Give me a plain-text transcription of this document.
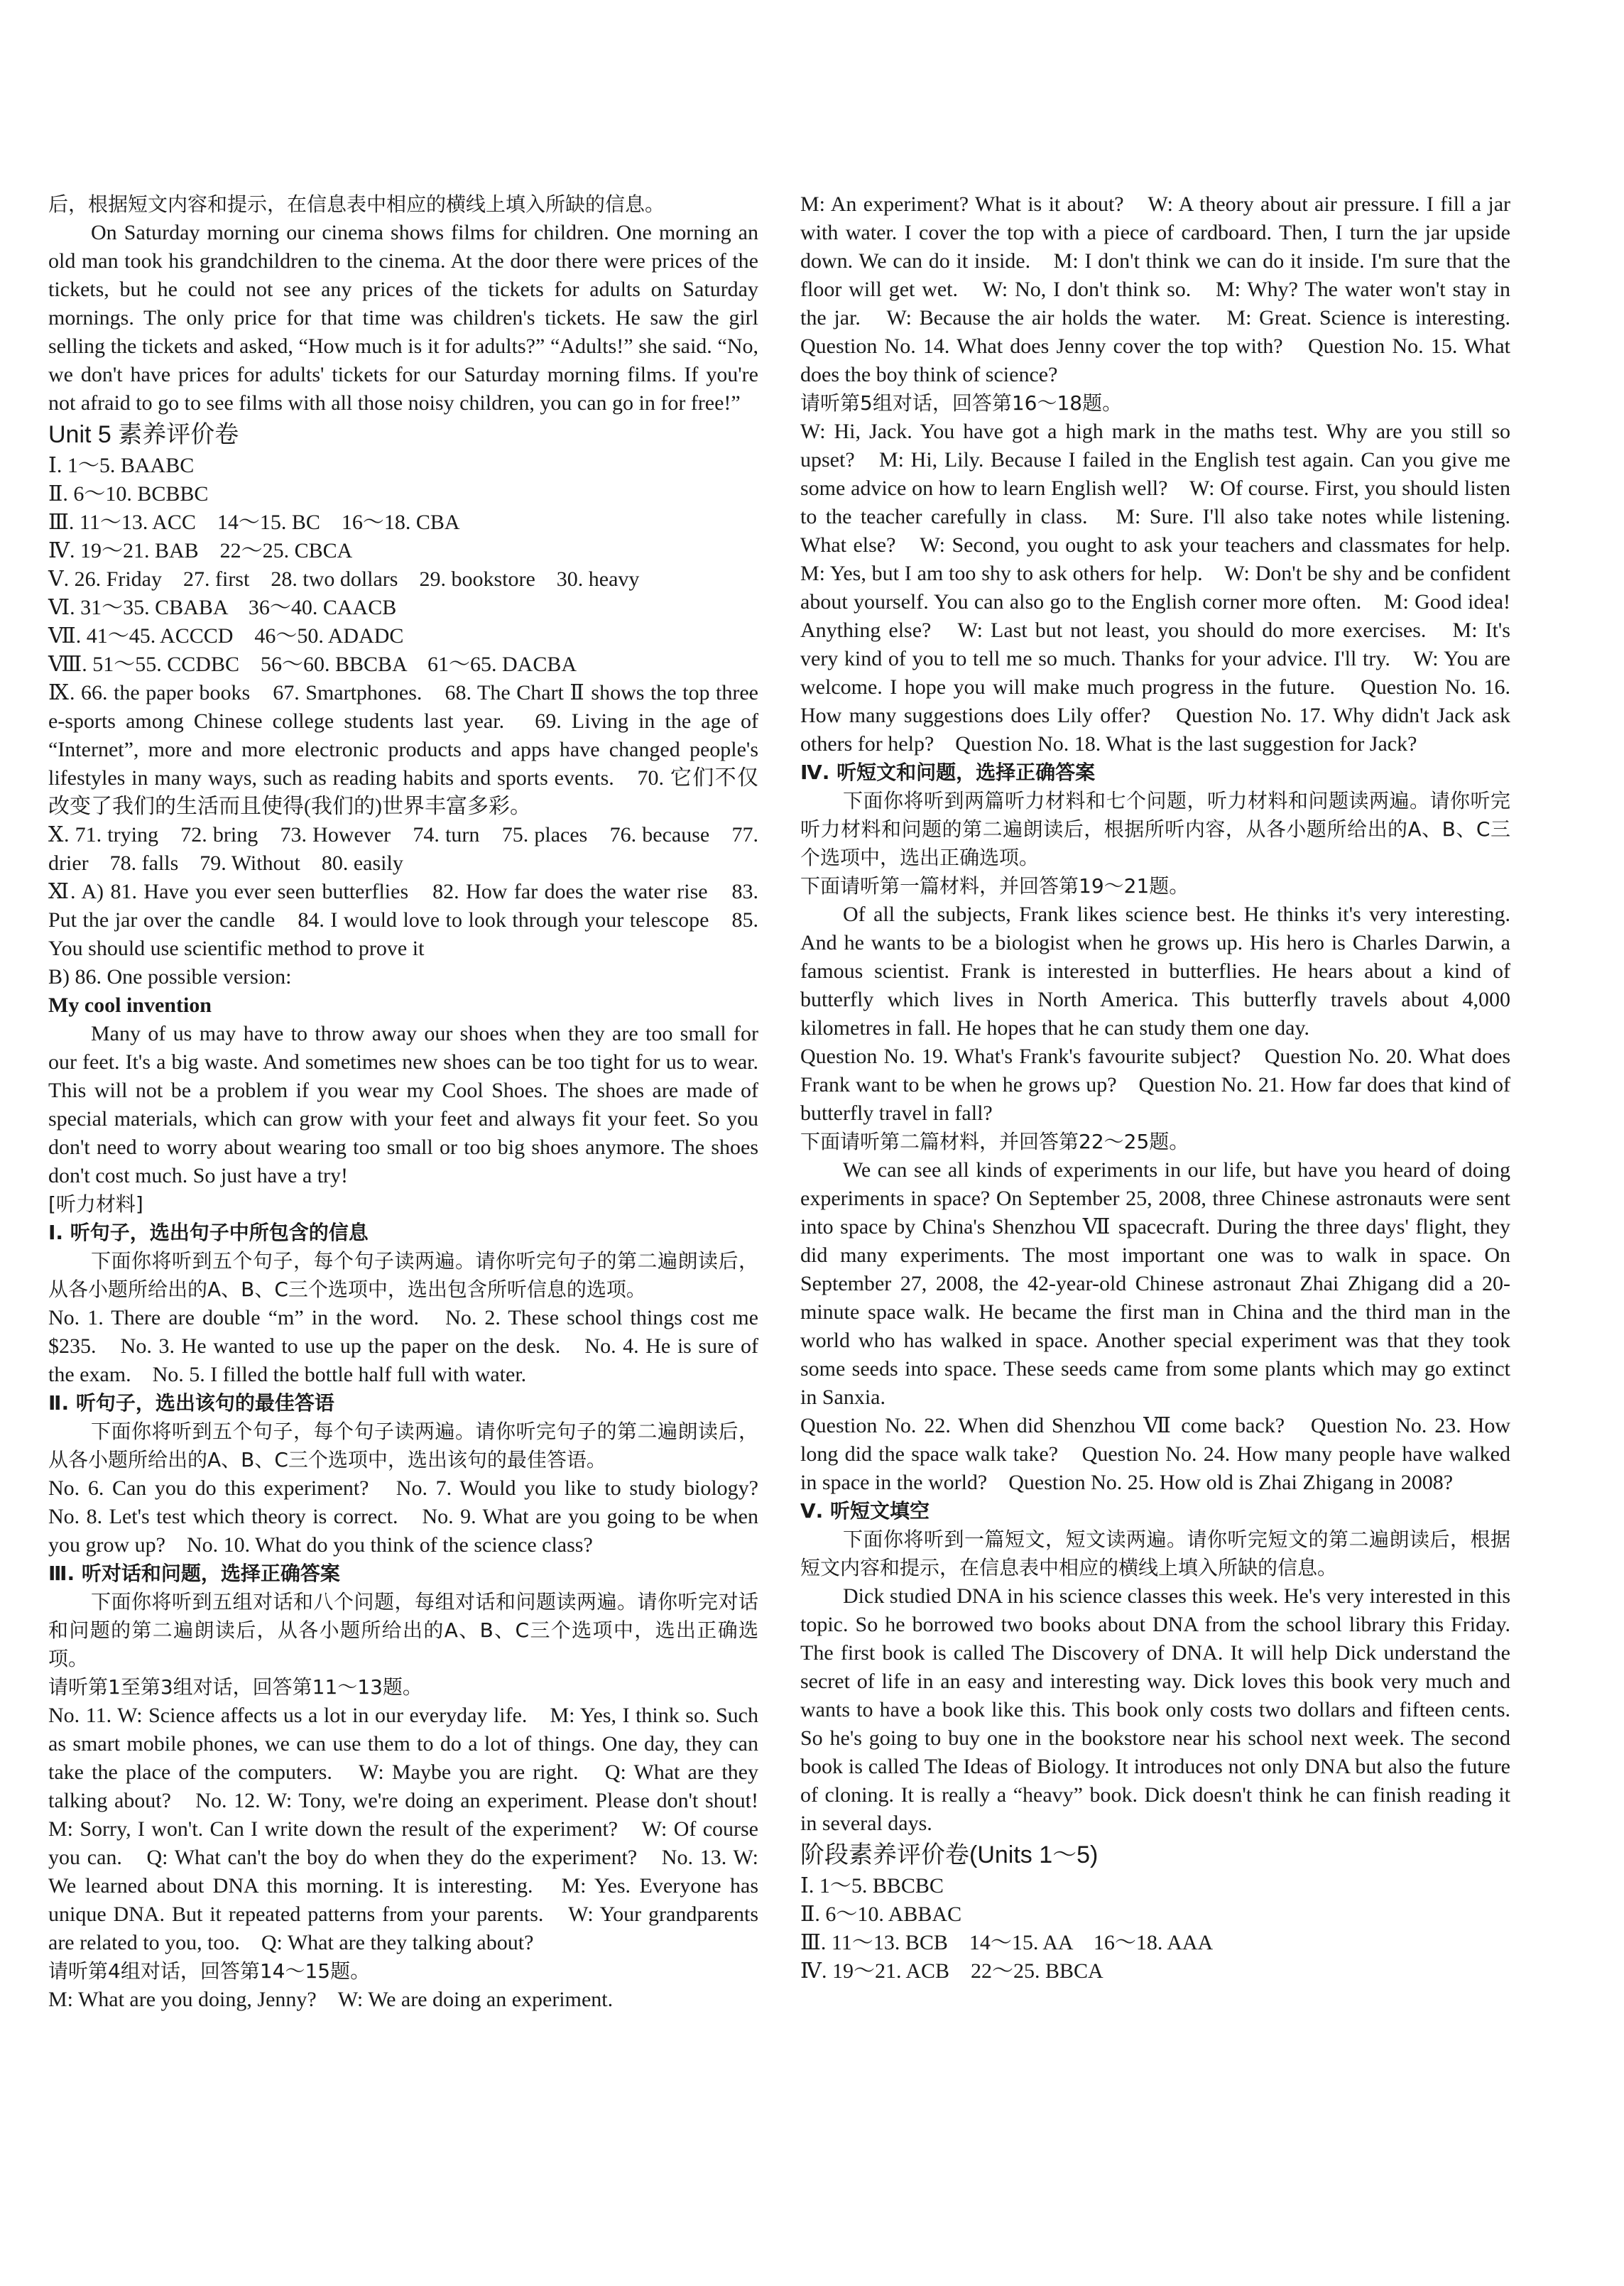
后，根据短文内容和提示，在信息表中相应的横线上填入所缺的信息。

On Saturday morning our cinema shows films for children. One morning an old man took his grandchildren to the cinema. At the door there were prices of the tickets, but he could not see any prices of the tickets for adults on Saturday mornings. The only price for that time was children's tickets. He saw the girl selling the tickets and asked, “How much is it for adults?” “Adults!” she said. “No, we don't have prices for adults' tickets for our Saturday morning films. If you're not afraid to go to see films with all those noisy children, you can go in for free!”

Unit 5 素养评价卷

Ⅰ. 1～5. BAABC

Ⅱ. 6～10. BCBBC

Ⅲ. 11～13. ACC　14～15. BC　16～18. CBA

Ⅳ. 19～21. BAB　22～25. CBCA

Ⅴ. 26. Friday　27. first　28. two dollars　29. bookstore　30. heavy

Ⅵ. 31～35. CBABA　36～40. CAACB

Ⅶ. 41～45. ACCCD　46～50. ADADC

Ⅷ. 51～55. CCDBC　56～60. BBCBA　61～65. DACBA

Ⅸ. 66. the paper books　67. Smartphones.　68. The Chart Ⅱ shows the top three e-sports among Chinese college students last year.　69. Living in the age of “Internet”, more and more electronic products and apps have changed people's lifestyles in many ways, such as reading habits and sports events.　70. 它们不仅改变了我们的生活而且使得(我们的)世界丰富多彩。

Ⅹ. 71. trying　72. bring　73. However　74. turn　75. places　76. because　77. drier　78. falls　79. Without　80. easily

Ⅺ. A) 81. Have you ever seen butterflies　82. How far does the water rise　83. Put the jar over the candle　84. I would love to look through your telescope　85. You should use scientific method to prove it

B) 86. One possible version:

My cool invention

Many of us may have to throw away our shoes when they are too small for our feet. It's a big waste. And sometimes new shoes can be too tight for us to wear. This will not be a problem if you wear my Cool Shoes. The shoes are made of special materials, which can grow with your feet and always fit your feet. So you don't need to worry about wearing too small or too big shoes anymore. The shoes don't cost much. So just have a try!

[听力材料]

Ⅰ. 听句子，选出句子中所包含的信息

下面你将听到五个句子，每个句子读两遍。请你听完句子的第二遍朗读后，从各小题所给出的A、B、C三个选项中，选出包含所听信息的选项。

No. 1. There are double “m” in the word.　No. 2. These school things cost me $235.　No. 3. He wanted to use up the paper on the desk.　No. 4. He is sure of the exam.　No. 5. I filled the bottle half full with water.

Ⅱ. 听句子，选出该句的最佳答语

下面你将听到五个句子，每个句子读两遍。请你听完句子的第二遍朗读后，从各小题所给出的A、B、C三个选项中，选出该句的最佳答语。

No. 6. Can you do this experiment?　No. 7. Would you like to study biology?　No. 8. Let's test which theory is correct.　No. 9. What are you going to be when you grow up?　No. 10. What do you think of the science class?

Ⅲ. 听对话和问题，选择正确答案

下面你将听到五组对话和八个问题，每组对话和问题读两遍。请你听完对话和问题的第二遍朗读后，从各小题所给出的A、B、C三个选项中，选出正确选项。

请听第1至第3组对话，回答第11～13题。

No. 11. W: Science affects us a lot in our everyday life.　M: Yes, I think so. Such as smart mobile phones, we can use them to do a lot of things. One day, they can take the place of the computers.　W: Maybe you are right.　Q: What are they talking about?　No. 12. W: Tony, we're doing an experiment. Please don't shout!　M: Sorry, I won't. Can I write down the result of the experiment?　W: Of course you can.　Q: What can't the boy do when they do the experiment?　No. 13. W: We learned about DNA this morning. It is interesting.　M: Yes. Everyone has unique DNA. But it repeated patterns from your parents.　W: Your grandparents are related to you, too.　Q: What are they talking about?

请听第4组对话，回答第14～15题。

M: What are you doing, Jenny?　W: We are doing an experiment.

M: An experiment? What is it about?　W: A theory about air pressure. I fill a jar with water. I cover the top with a piece of cardboard. Then, I turn the jar upside down. We can do it inside.　M: I don't think we can do it inside. I'm sure that the floor will get wet.　W: No, I don't think so.　M: Why? The water won't stay in the jar.　W: Because the air holds the water.　M: Great. Science is interesting.　Question No. 14. What does Jenny cover the top with?　Question No. 15. What does the boy think of science?

请听第5组对话，回答第16～18题。

W: Hi, Jack. You have got a high mark in the maths test. Why are you still so upset?　M: Hi, Lily. Because I failed in the English test again. Can you give me some advice on how to learn English well?　W: Of course. First, you should listen to the teacher carefully in class.　M: Sure. I'll also take notes while listening. What else?　W: Second, you ought to ask your teachers and classmates for help.　M: Yes, but I am too shy to ask others for help.　W: Don't be shy and be confident about yourself. You can also go to the English corner more often.　M: Good idea! Anything else?　W: Last but not least, you should do more exercises.　M: It's very kind of you to tell me so much. Thanks for your advice. I'll try.　W: You are welcome. I hope you will make much progress in the future.　Question No. 16. How many suggestions does Lily offer?　Question No. 17. Why didn't Jack ask others for help?　Question No. 18. What is the last suggestion for Jack?

Ⅳ. 听短文和问题，选择正确答案

下面你将听到两篇听力材料和七个问题，听力材料和问题读两遍。请你听完听力材料和问题的第二遍朗读后，根据所听内容，从各小题所给出的A、B、C三个选项中，选出正确选项。

下面请听第一篇材料，并回答第19～21题。

Of all the subjects, Frank likes science best. He thinks it's very interesting. And he wants to be a biologist when he grows up. His hero is Charles Darwin, a famous scientist. Frank is interested in butterflies. He hears about a kind of butterfly which lives in North America. This butterfly travels about 4,000 kilometres in fall. He hopes that he can study them one day.

Question No. 19. What's Frank's favourite subject?　Question No. 20. What does Frank want to be when he grows up?　Question No. 21. How far does that kind of butterfly travel in fall?

下面请听第二篇材料，并回答第22～25题。

We can see all kinds of experiments in our life, but have you heard of doing experiments in space? On September 25, 2008, three Chinese astronauts were sent into space by China's Shenzhou Ⅶ spacecraft. During the three days' flight, they did many experiments. The most important one was to walk in space. On September 27, 2008, the 42-year-old Chinese astronaut Zhai Zhigang did a 20-minute space walk. He became the first man in China and the third man in the world who has walked in space. Another special experiment was that they took some seeds into space. These seeds came from some plants which may go extinct in Sanxia.

Question No. 22. When did Shenzhou Ⅶ come back?　Question No. 23. How long did the space walk take?　Question No. 24. How many people have walked in space in the world?　Question No. 25. How old is Zhai Zhigang in 2008?

Ⅴ. 听短文填空

下面你将听到一篇短文，短文读两遍。请你听完短文的第二遍朗读后，根据短文内容和提示，在信息表中相应的横线上填入所缺的信息。

Dick studied DNA in his science classes this week. He's very interested in this topic. So he borrowed two books about DNA from the school library this Friday. The first book is called The Discovery of DNA. It will help Dick understand the secret of life in an easy and interesting way. Dick loves this book very much and wants to have a book like this. This book only costs two dollars and fifteen cents. So he's going to buy one in the bookstore near his school next week. The second book is called The Ideas of Biology. It introduces not only DNA but also the future of cloning. It is really a “heavy” book. Dick doesn't think he can finish reading it in several days.

阶段素养评价卷(Units 1～5)

Ⅰ. 1～5. BBCBC

Ⅱ. 6～10. ABBAC

Ⅲ. 11～13. BCB　14～15. AA　16～18. AAA

Ⅳ. 19～21. ACB　22～25. BBCA
